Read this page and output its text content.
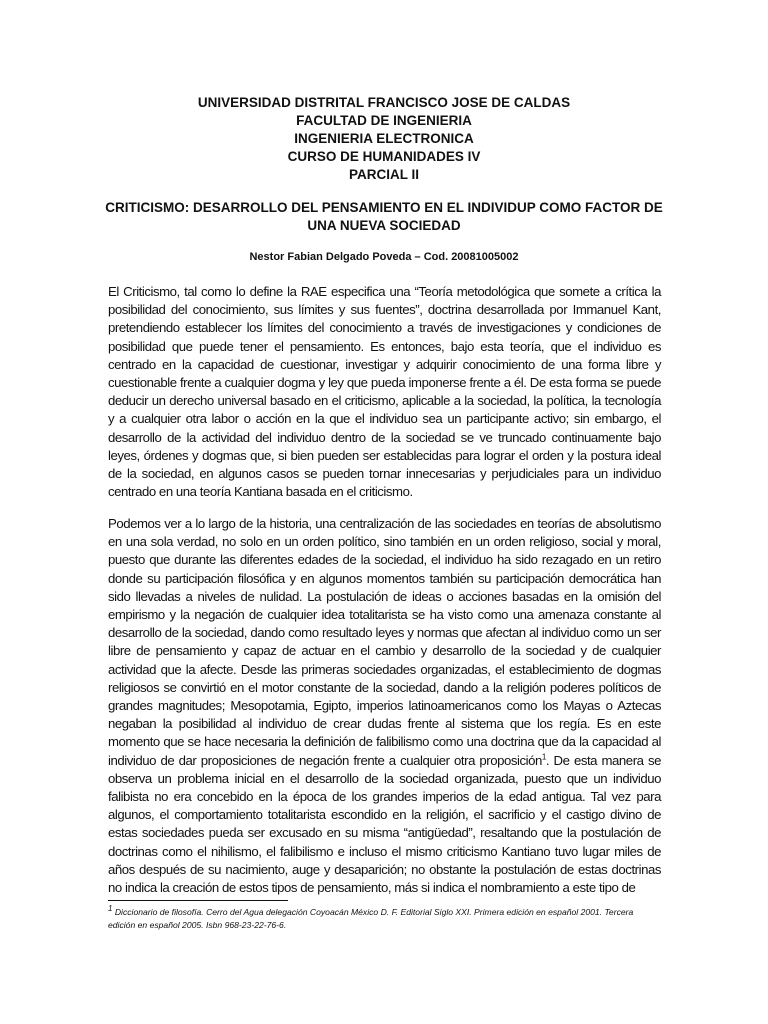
UNIVERSIDAD DISTRITAL FRANCISCO JOSE DE CALDAS
FACULTAD DE INGENIERIA
INGENIERIA ELECTRONICA
CURSO DE HUMANIDADES IV
PARCIAL II
CRITICISMO: DESARROLLO DEL PENSAMIENTO EN EL INDIVIDUP COMO FACTOR DE UNA NUEVA SOCIEDAD
Nestor Fabian Delgado Poveda – Cod. 20081005002

El Criticismo, tal como lo define la RAE especifica una “Teoría metodológica que somete a crítica la posibilidad del conocimiento, sus límites y sus fuentes”, doctrina desarrollada por Immanuel Kant, pretendiendo establecer los límites del conocimiento a través de investigaciones y condiciones de posibilidad que puede tener el pensamiento. Es entonces, bajo esta teoría, que el individuo es centrado en la capacidad de cuestionar, investigar y adquirir conocimiento de una forma libre y cuestionable frente a cualquier dogma y ley que pueda imponerse frente a él. De esta forma se puede deducir un derecho universal basado en el criticismo, aplicable a la sociedad, la política, la tecnología y a cualquier otra labor o acción en la que el individuo sea un participante activo; sin embargo, el desarrollo de la actividad del individuo dentro de la sociedad se ve truncado continuamente bajo leyes, órdenes y dogmas que, si bien pueden ser establecidas para lograr el orden y la postura ideal de la sociedad, en algunos casos se pueden tornar innecesarias y perjudiciales para un individuo centrado en una teoría Kantiana basada en el criticismo.

Podemos ver a lo largo de la historia, una centralización de las sociedades en teorías de absolutismo en una sola verdad, no solo en un orden político, sino también en un orden religioso, social y moral, puesto que durante las diferentes edades de la sociedad, el individuo ha sido rezagado en un retiro donde su participación filosófica y en algunos momentos también su participación democrática han sido llevadas a niveles de nulidad. La postulación de ideas o acciones basadas en la omisión del empirismo y la negación de cualquier idea totalitarista se ha visto como una amenaza constante al desarrollo de la sociedad, dando como resultado leyes y normas que afectan al individuo como un ser libre de pensamiento y capaz de actuar en el cambio y desarrollo de la sociedad y de cualquier actividad que la afecte. Desde las primeras sociedades organizadas, el establecimiento de dogmas religiosos se convirtió en el motor constante de la sociedad, dando a la religión poderes políticos de grandes magnitudes; Mesopotamia, Egipto, imperios latinoamericanos como los Mayas o Aztecas negaban la posibilidad al individuo de crear dudas frente al sistema que los regía. Es en este momento que se hace necesaria la definición de falibilismo como una doctrina que da la capacidad al individuo de dar proposiciones de negación frente a cualquier otra proposición$^1$. De esta manera se observa un problema inicial en el desarrollo de la sociedad organizada, puesto que un individuo falibista no era concebido en la época de los grandes imperios de la edad antigua. Tal vez para algunos, el comportamiento totalitarista escondido en la religión, el sacrificio y el castigo divino de estas sociedades pueda ser excusado en su misma “antigüedad”, resaltando que la postulación de doctrinas como el nihilismo, el falibilismo e incluso el mismo criticismo Kantiano tuvo lugar miles de años después de su nacimiento, auge y desaparición; no obstante la postulación de estas doctrinas no indica la creación de estos tipos de pensamiento, más si indica el nombramiento a este tipo de

$^1$ Diccionario de filosofía. Cerro del Agua delegación Coyoacán México D. F. Editorial Siglo XXI. Primera edición en español 2001. Tercera edición en español 2005. Isbn 968-23-22-76-6.
